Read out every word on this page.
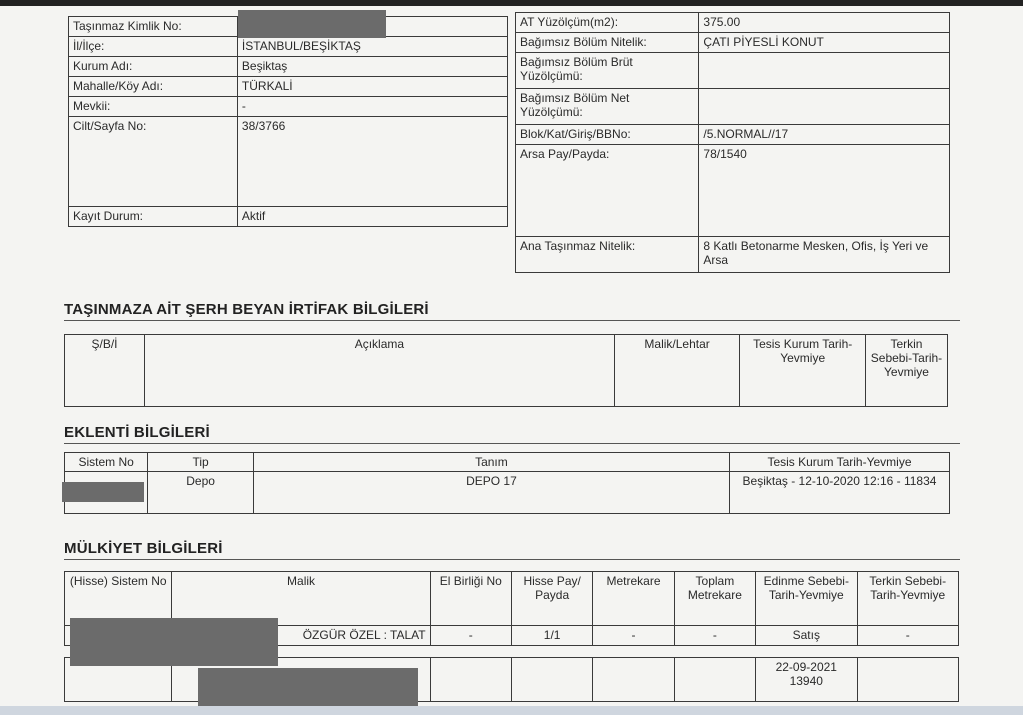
Taşınmaz Kimlik No:	
İl/İlçe:	İSTANBUL/BEŞİKTAŞ
Kurum Adı:	Beşiktaş
Mahalle/Köy Adı:	TÜRKALİ
Mevkii:	-
Cilt/Sayfa No:	38/3766
Kayıt Durum:	Aktif
AT Yüzölçüm(m2):	375.00
Bağımsız Bölüm Nitelik:	ÇATI PİYESLİ KONUT
Bağımsız Bölüm Brüt Yüzölçümü:	
Bağımsız Bölüm Net Yüzölçümü:	
Blok/Kat/Giriş/BBNo:	/5.NORMAL//17
Arsa Pay/Payda:	78/1540
Ana Taşınmaz Nitelik:	8 Katlı Betonarme Mesken, Ofis, İş Yeri ve Arsa
TAŞINMAZA AİT ŞERH BEYAN İRTİFAK BİLGİLERİ
Ş/B/İ	Açıklama	Malik/Lehtar	Tesis Kurum Tarih-Yevmiye	Terkin Sebebi-Tarih-Yevmiye
EKLENTİ BİLGİLERİ
Sistem No	Tip	Tanım	Tesis Kurum Tarih-Yevmiye
	Depo	DEPO 17	Beşiktaş - 12-10-2020 12:16 - 11834
MÜLKİYET BİLGİLERİ
(Hisse) Sistem No	Malik	El Birliği No	Hisse Pay/ Payda	Metrekare	Toplam Metrekare	Edinme Sebebi-Tarih-Yevmiye	Terkin Sebebi-Tarih-Yevmiye
	ÖZGÜR ÖZEL : TALAT	-	1/1	-	-	Satış	-
						22-09-2021 13940	
